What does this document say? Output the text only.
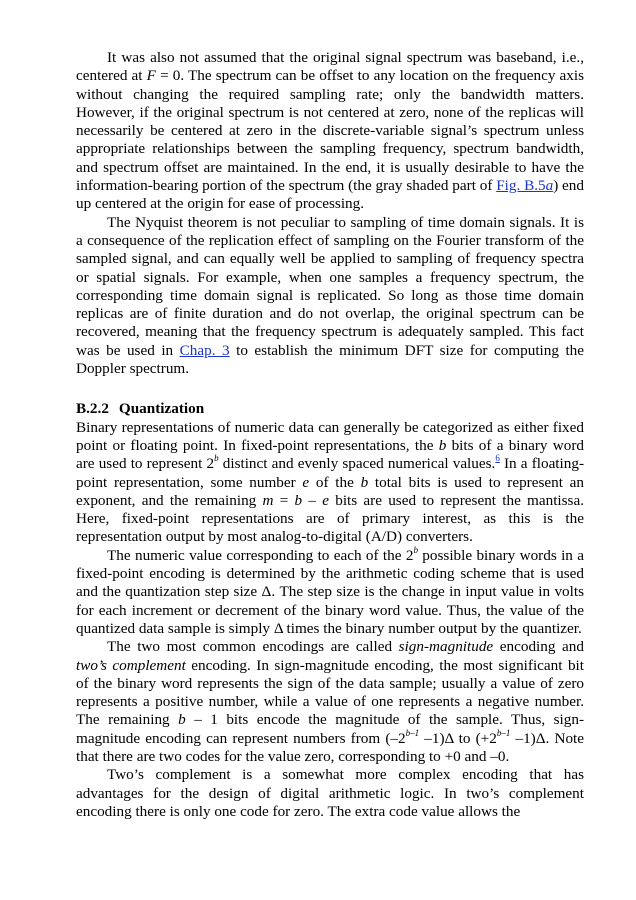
It was also not assumed that the original signal spectrum was baseband, i.e., centered at F = 0. The spectrum can be offset to any location on the frequency axis without changing the required sampling rate; only the bandwidth matters. However, if the original spectrum is not centered at zero, none of the replicas will necessarily be centered at zero in the discrete-variable signal’s spectrum unless appropriate relationships between the sampling frequency, spectrum bandwidth, and spectrum offset are maintained. In the end, it is usually desirable to have the information-bearing portion of the spectrum (the gray shaded part of Fig. B.5a) end up centered at the origin for ease of processing.

The Nyquist theorem is not peculiar to sampling of time domain signals. It is a consequence of the replication effect of sampling on the Fourier transform of the sampled signal, and can equally well be applied to sampling of frequency spectra or spatial signals. For example, when one samples a frequency spectrum, the corresponding time domain signal is replicated. So long as those time domain replicas are of finite duration and do not overlap, the original spectrum can be recovered, meaning that the frequency spectrum is adequately sampled. This fact was be used in Chap. 3 to establish the minimum DFT size for computing the Doppler spectrum.

B.2.2 Quantization

Binary representations of numeric data can generally be categorized as either fixed point or floating point. In fixed-point representations, the b bits of a binary word are used to represent 2$^b$ distinct and evenly spaced numerical values.$^6$ In a floating-point representation, some number e of the b total bits is used to represent an exponent, and the remaining m = b – e bits are used to represent the mantissa. Here, fixed-point representations are of primary interest, as this is the representation output by most analog-to-digital (A/D) converters.

The numeric value corresponding to each of the 2$^b$ possible binary words in a fixed-point encoding is determined by the arithmetic coding scheme that is used and the quantization step size Δ. The step size is the change in input value in volts for each increment or decrement of the binary word value. Thus, the value of the quantized data sample is simply Δ times the binary number output by the quantizer.

The two most common encodings are called sign-magnitude encoding and two’s complement encoding. In sign-magnitude encoding, the most significant bit of the binary word represents the sign of the data sample; usually a value of zero represents a positive number, while a value of one represents a negative number. The remaining b – 1 bits encode the magnitude of the sample. Thus, sign-magnitude encoding can represent numbers from (–2$^{b-1}$ –1)Δ to ($+2^{b-1}$ –1)Δ. Note that there are two codes for the value zero, corresponding to +0 and –0.

Two’s complement is a somewhat more complex encoding that has advantages for the design of digital arithmetic logic. In two’s complement encoding there is only one code for zero. The extra code value allows the
